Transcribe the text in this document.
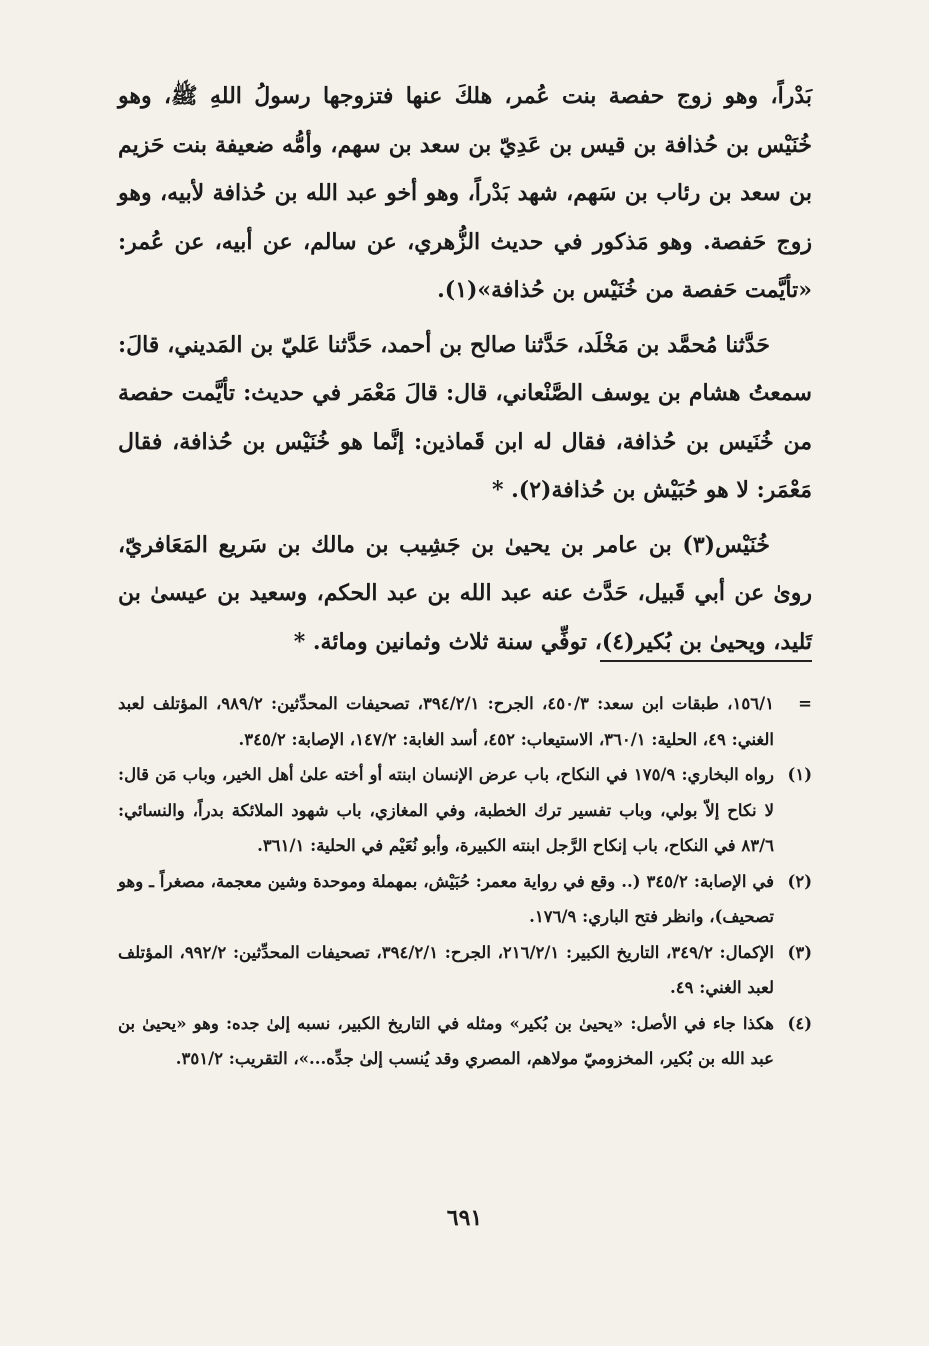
بَدْراً، وهو زوج حفصة بنت عُمر، هلكَ عنها فتزوجها رسولُ اللهِ ﷺ، وهو خُنَيْس بن حُذافة بن قيس بن عَدِيّ بن سعد بن سهم، وأمُّه ضعيفة بنت حَزيم بن سعد بن رئاب بن سَهم، شهد بَدْراً، وهو أخو عبد الله بن حُذافة لأبيه، وهو زوج حَفصة. وهو مَذكور في حديث الزُّهري، عن سالم، عن أبيه، عن عُمر: «تأيَّمت حَفصة من خُنَيْس بن حُذافة»(١).

حَدَّثنا مُحمَّد بن مَخْلَد، حَدَّثنا صالح بن أحمد، حَدَّثنا عَليّ بن المَديني، قالَ: سمعتُ هشام بن يوسف الصَّنْعاني، قال: قالَ مَعْمَر في حديث: تأيَّمت حفصة من خُنَيس بن حُذافة، فقال له ابن قَماذين: إنَّما هو خُنَيْس بن حُذافة، فقال مَعْمَر: لا هو حُبَيْش بن حُذافة(٢). *

خُنَيْس(٣) بن عامر بن يحيىٰ بن جَشِيب بن مالك بن سَريع المَعَافريّ، روىٰ عن أبي قَبيل، حَدَّث عنه عبد الله بن عبد الحكم، وسعيد بن عيسىٰ بن تَليد، ويحيىٰ بن بُكير(٤)، توفِّي سنة ثلاث وثمانين ومائة. *

=
١٥٦/١، طبقات ابن سعد: ٤٥٠/٣، الجرح: ٣٩٤/٢/١، تصحيفات المحدِّثين: ٩٨٩/٢، المؤتلف لعبد الغني: ٤٩، الحلية: ٣٦٠/١، الاستيعاب: ٤٥٢، أسد الغابة: ١٤٧/٢، الإصابة: ٣٤٥/٢.
(١)
رواه البخاري: ١٧٥/٩ في النكاح، باب عرض الإنسان ابنته أو أخته علىٰ أهل الخير، وباب مَن قال: لا نكاح إلاّ بولي، وباب تفسير ترك الخطبة، وفي المغازي، باب شهود الملائكة بدراً، والنسائي: ٨٣/٦ في النكاح، باب إنكاح الرَّجل ابنته الكبيرة، وأبو نُعَيْم في الحلية: ٣٦١/١.
(٢)
في الإصابة: ٣٤٥/٢ (.. وقع في رواية معمر: حُبَيْش، بمهملة وموحدة وشين معجمة، مصغراً ـ وهو تصحيف)، وانظر فتح الباري: ١٧٦/٩.
(٣)
الإكمال: ٣٤٩/٢، التاريخ الكبير: ٢١٦/٢/١، الجرح: ٣٩٤/٢/١، تصحيفات المحدِّثين: ٩٩٢/٢، المؤتلف لعبد الغني: ٤٩.
(٤)
هكذا جاء في الأصل: «يحيىٰ بن بُكير» ومثله في التاريخ الكبير، نسبه إلىٰ جده: وهو «يحيىٰ بن عبد الله بن بُكير، المخزوميّ مولاهم، المصري وقد يُنسب إلىٰ جدِّه...»، التقريب: ٣٥١/٢.
٦٩١
